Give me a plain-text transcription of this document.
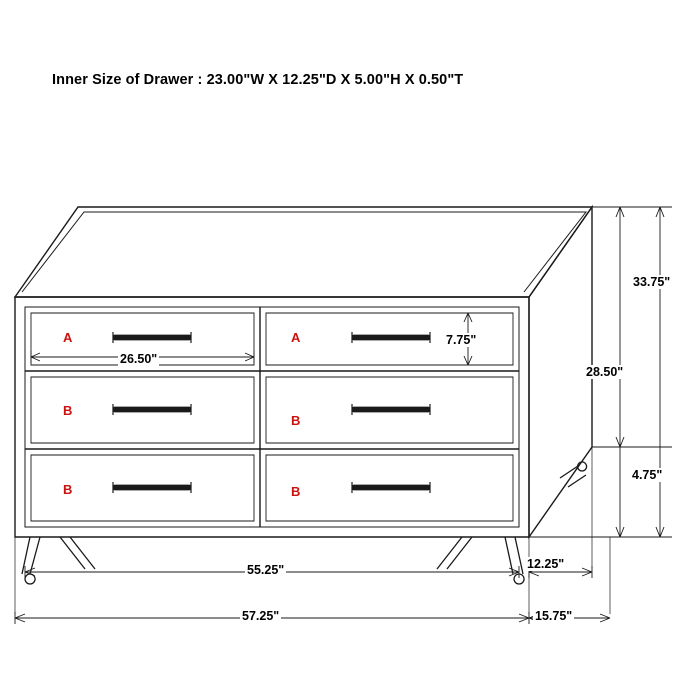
Inner Size of Drawer : 23.00"W X 12.25"D X 5.00"H X 0.50"T
A	A
B
B
B	B
26.50"
7.75"
33.75"
28.50"
4.75"
55.25"
57.25"
12.25"
15.75"
